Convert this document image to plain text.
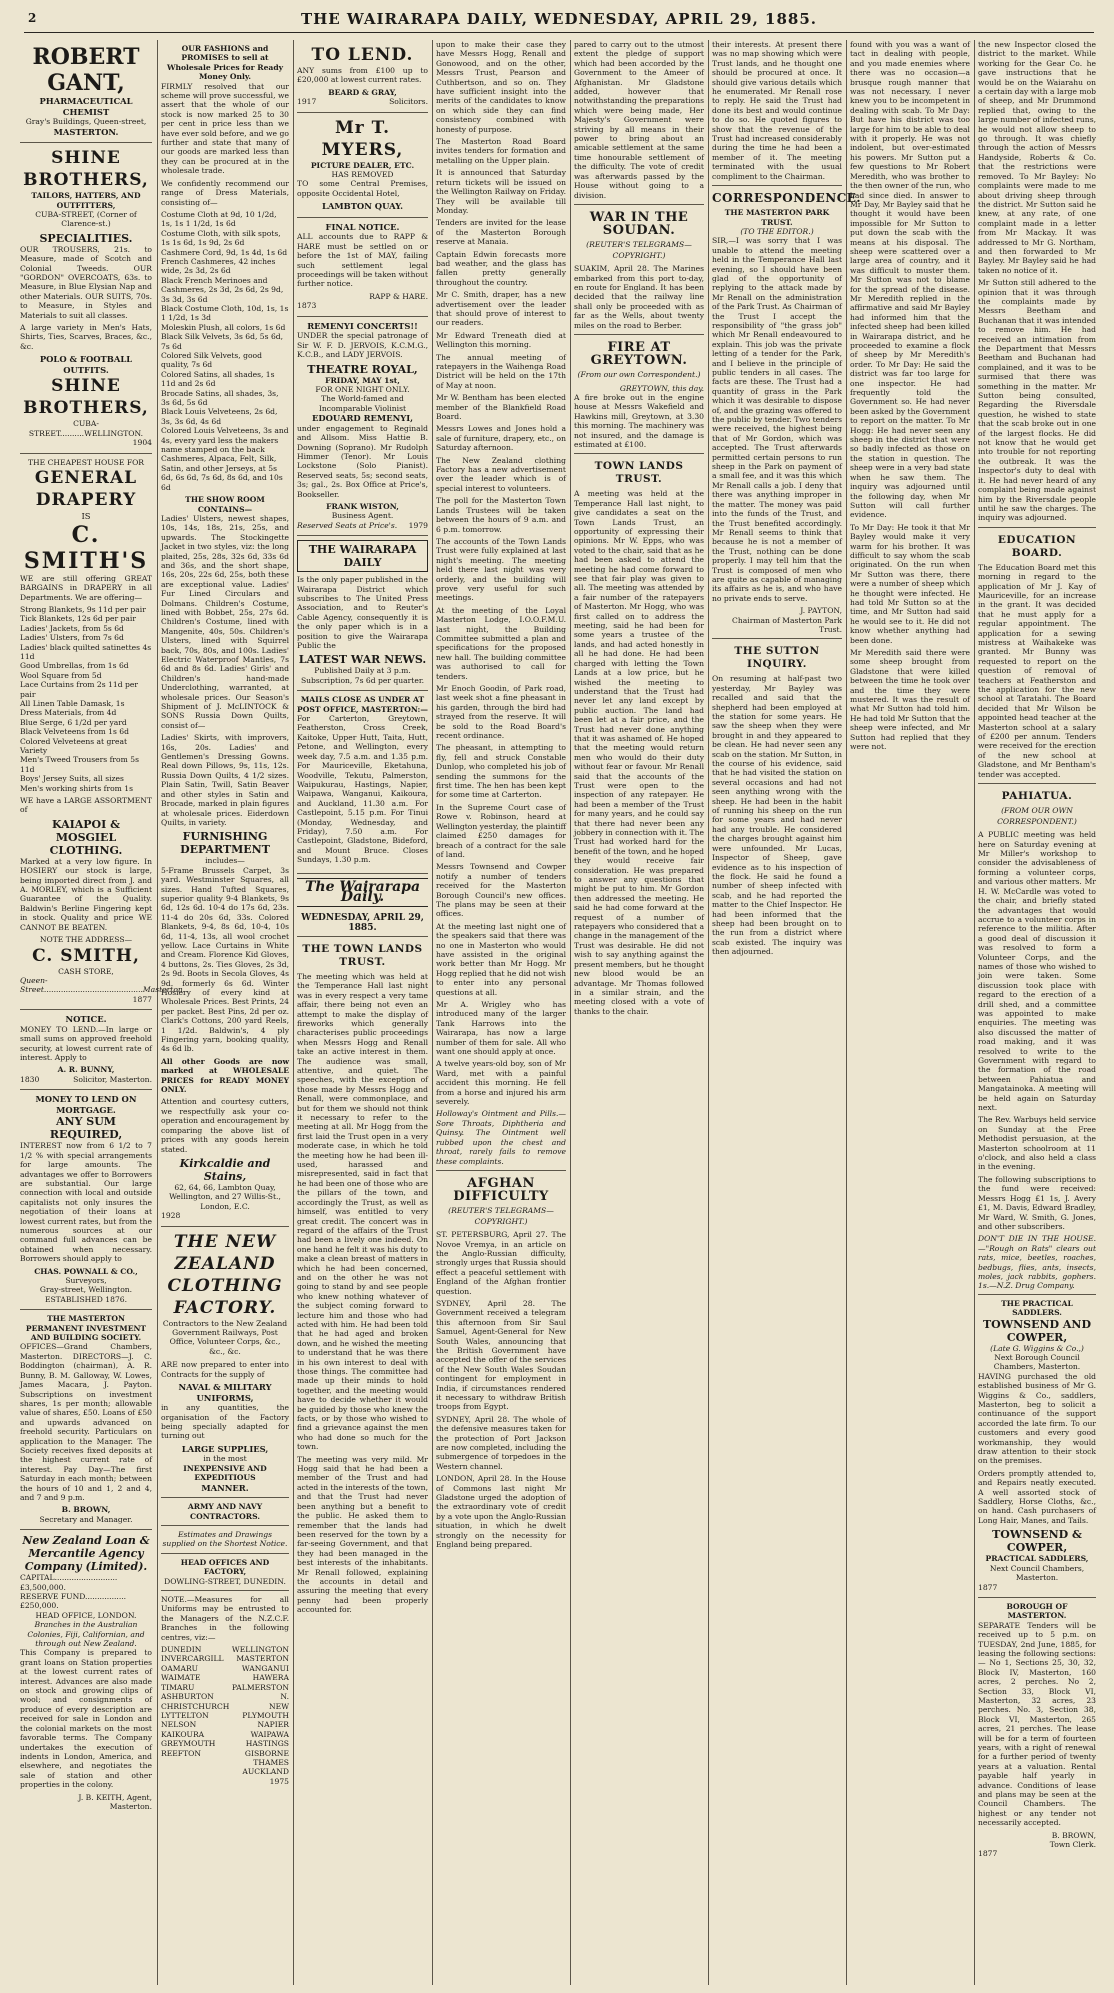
2	THE WAIRARAPA DAILY, WEDNESDAY, APRIL 29, 1885.
ROBERT GANT,
PHARMACEUTICAL CHEMIST
Gray's Buildings, Queen-street,
MASTERTON.
SHINE BROTHERS,
TAILORS, HATTERS, AND OUTFITTERS,
CUBA-STREET, (Corner of Clarence-st.)
SPECIALITIES.
OUR TROUSERS, 21s. to Measure, made of Scotch and Colonial Tweeds. OUR "GORDON" OVERCOATS, 63s. to Measure, in Blue Elysian Nap and other Materials. OUR SUITS, 70s. to Measure, in Styles and Materials to suit all classes.
A large variety in Men's Hats, Shirts, Ties, Scarves, Braces, &c., &c.
POLO & FOOTBALL OUTFITS.
SHINE BROTHERS,
CUBA-STREET..........WELLINGTON.
1904
THE CHEAPEST HOUSE FOR
GENERAL DRAPERY
IS
C. SMITH'S
WE are still offering GREAT BARGAINS in DRAPERY in all Departments. We are offering—
Strong Blankets, 9s 11d per pair
Tick Blankets, 12s 6d per pair
Ladies' Jackets, from 5s 6d
Ladies' Ulsters, from 7s 6d
Ladies' black quilted satinettes 4s 11d
Good Umbrellas, from 1s 6d
Wool Square from 5d
Lace Curtains from 2s 11d per pair
All Linen Table Damask, 1s
Dress Materials, from 4d
Blue Serge, 6 1/2d per yard
Black Velveteens from 1s 6d
Colored Velveteens at great Variety
Men's Tweed Trousers from 5s 11d
Boys' Jersey Suits, all sizes
Men's working shirts from 1s
WE have a LARGE ASSORTMENT of
KAIAPOI & MOSGIEL
CLOTHING.
Marked at a very low figure. In HOSIERY our stock is large, being imported direct from J. and A. MORLEY, which is a Sufficient Guarantee of the Quality. Baldwin's Berline Fingering kept in stock. Quality and price WE CANNOT BE BEATEN.
NOTE THE ADDRESS—
C. SMITH,
CASH STORE,
Queen-Street.........................................Masterton.
1877
NOTICE.
MONEY TO LEND.—In large or small sums on approved freehold security, at lowest current rate of interest. Apply to
A. R. BUNNY,
1830	Solicitor, Masterton.
MONEY TO LEND ON MORTGAGE.
ANY SUM REQUIRED,
INTEREST now from 6 1/2 to 7 1/2 % with special arrangements for large amounts. The advantages we offer to Borrowers are substantial. Our large connection with local and outside capitalists not only insures the negotiation of their loans at lowest current rates, but from the numerous sources at our command full advances can be obtained when necessary. Borrowers should apply to
CHAS. POWNALL & CO.,
Surveyors,
Gray-street, Wellington.
ESTABLISHED 1876.
THE MASTERTON PERMANENT INVESTMENT AND BUILDING SOCIETY.
OFFICES—Grand Chambers, Masterton. DIRECTORS—J. C. Boddington (chairman), A. R. Bunny, B. M. Galloway, W. Lowes, James Macara, J. Payton. Subscriptions on investment shares, 1s per month; allowable value of shares, £50. Loans of £50 and upwards advanced on freehold security. Particulars on application to the Manager. The Society receives fixed deposits at the highest current rate of interest. Pay Day—The first Saturday in each month; between the hours of 10 and 1, 2 and 4, and 7 and 9 p.m.
B. BROWN,
Secretary and Manager.
New Zealand Loan & Mercantile Agency Company (Limited).
CAPITAL..........................£3,500,000.
RESERVE FUND.................£250,000.
HEAD OFFICE, LONDON.
Branches in the Australian Colonies, Fiji, Californian, and through out New Zealand.
This Company is prepared to grant loans on Station properties at the lowest current rates of interest. Advances are also made on stock and growing clips of wool; and consignments of produce of every description are received for sale in London and the colonial markets on the most favorable terms. The Company undertakes the execution of indents in London, America, and elsewhere, and negotiates the sale of station and other properties in the colony.
J. B. KEITH, Agent,
Masterton.
OUR FASHIONS and PROMISES to sell at Wholesale Prices for Ready Money Only.
FIRMLY resolved that our scheme will prove successful, we assert that the whole of our stock is now marked 25 to 30 per cent in price less than we have ever sold before, and we go further and state that many of our goods are marked less than they can be procured at in the wholesale trade.
We confidently recommend our range of Dress Materials, consisting of—
Costume Cloth at 9d, 10 1/2d, 1s, 1s 1 1/2d, 1s 6d
Costume Cloth, with silk spots, 1s 1s 6d, 1s 9d, 2s 6d
Cashmere Cord, 9d, 1s 4d, 1s 6d
French Cashmeres, 42 inches wide, 2s 3d, 2s 6d
Black French Merinoes and Cashmeres, 2s 3d, 2s 6d, 2s 9d, 3s 3d, 3s 6d
Black Costume Cloth, 10d, 1s, 1s 1 1/2d, 1s 3d
Moleskin Plush, all colors, 1s 6d
Black Silk Velvets, 3s 6d, 5s 6d, 7s 6d
Colored Silk Velvets, good quality, 7s 6d
Colored Satins, all shades, 1s 11d and 2s 6d
Brocade Satins, all shades, 3s, 3s 6d, 5s 6d
Black Louis Velveteens, 2s 6d, 3s, 3s 6d, 4s 6d
Colored Louis Velveteens, 3s and 4s, every yard less the makers name stamped on the back
Cashmeres, Alpaca, Felt, Silk, Satin, and other Jerseys, at 5s 6d, 6s 6d, 7s 6d, 8s 6d, and 10s 6d
THE SHOW ROOM CONTAINS—
Ladies' Ulsters, newest shapes, 10s, 14s, 18s, 21s, 25s, and upwards. The Stockingette Jacket in two styles, viz: the long plaited, 25s, 28s, 32s 6d, 33s 6d and 36s, and the short shape, 16s, 20s, 22s 6d, 25s, both these are exceptional value. Ladies' Fur Lined Circulars and Dolmans. Children's Costume, lined with Bobbet, 25s, 27s 6d. Children's Costume, lined with Mangenite, 40s, 50s. Children's Ulsters, lined with Squirrel back, 70s, 80s, and 100s. Ladies' Electric Waterproof Mantles, 7s 6d and 8s 6d. Ladies' Girls' and Children's hand-made Underclothing, warranted, at wholesale prices. Our Season's Shipment of J. McLINTOCK & SONS Russia Down Quilts, consist of—
Ladies' Skirts, with improvers, 16s, 20s. Ladies' and Gentlemen's Dressing Gowns. Real down Pillows, 9s, 11s, 12s. Russia Down Quilts, 4 1/2 sizes. Plain Satin, Twill, Satin Beaver and other styles in Satin and Brocade, marked in plain figures at wholesale prices. Eiderdown Quilts, in variety.
FURNISHING DEPARTMENT
includes—
5-Frame Brussels Carpet, 3s yard. Westminster Squares, all sizes. Hand Tufted Squares, superior quality 9-4 Blankets, 9s 6d, 12s 6d. 10-4 do 17s 6d, 23s. 11-4 do 20s 6d, 33s. Colored Blankets, 9-4, 8s 6d, 10-4, 10s 6d, 11-4, 13s, all wool crochet yellow. Lace Curtains in White and Cream. Florence Kid Gloves, 4 buttons, 2s. Ties Gloves, 2s 3d, 2s 9d. Boots in Secola Gloves, 4s 9d. formerly 6s 6d. Winter Hosiery of every kind at Wholesale Prices. Best Prints, 24 per packet. Best Pins, 2d per oz. Clark's Cottons, 200 yard Reels, 1 1/2d. Baldwin's, 4 ply Fingering yarn, booking quality, 4s 6d lb.
All other Goods are now marked at WHOLESALE PRICES for READY MONEY ONLY.
Attention and courtesy cutters, we respectfully ask your co-operation and encouragement by comparing the above list of prices with any goods herein stated.
Kirkcaldie and Stains,
62, 64, 66, Lambton Quay, Wellington, and 27 Willis-St., London, E.C.
1928
THE NEW ZEALAND CLOTHING FACTORY.
Contractors to the New Zealand Government Railways, Post Office, Volunteer Corps, &c., &c., &c.
ARE now prepared to enter into Contracts for the supply of
NAVAL & MILITARY UNIFORMS,
in any quantities, the organisation of the Factory being specially adapted for turning out
LARGE SUPPLIES,
in the most
INEXPENSIVE AND EXPEDITIOUS
MANNER.
ARMY AND NAVY CONTRACTORS.
Estimates and Drawings supplied on the Shortest Notice.
HEAD OFFICES AND FACTORY,
DOWLING-STREET, DUNEDIN.
NOTE.—Measures for all Uniforms may be entrusted to the Managers of the N.Z.C.F. Branches in the following centres, viz:—
DUNEDIN
INVERCARGILL
OAMARU
WAIMATE
TIMARU
ASHBURTON
CHRISTCHURCH
LYTTELTON
NELSON
KAIKOURA
GREYMOUTH
REEFTON
WELLINGTON
MASTERTON
WANGANUI
HAWERA
PALMERSTON N.
NEW PLYMOUTH
NAPIER
WAIPAWA
HASTINGS
GISBORNE
THAMES
AUCKLAND
1975
TO LEND.
ANY sums from £100 up to £20,000 at lowest current rates.
BEARD & GRAY,
1917	Solicitors.
Mr T. MYERS,
PICTURE DEALER, ETC.
HAS REMOVED
TO some Central Premises, opposite Occidental Hotel,
LAMBTON QUAY.
FINAL NOTICE.
ALL accounts due to RAPP & HARE must be settled on or before the 1st of MAY, failing such settlement legal proceedings will be taken without further notice.
RAPP & HARE.
1873
REMENYI CONCERTS!!
UNDER the special patronage of Sir W. F. D. JERVOIS, K.C.M.G., K.C.B., and LADY JERVOIS.
THEATRE ROYAL,
FRIDAY, MAY 1st,
FOR ONE NIGHT ONLY.
The World-famed and Incomparable Violinist
EDOUARD REMENYI,
under engagement to Reginald and Allsom. Miss Hattie B. Downing (Soprano). Mr Rudolph Himmer (Tenor). Mr Louis Lockstone (Solo Pianist). Reserved seats, 5s; second seats, 3s; gal., 2s. Box Office at Price's, Bookseller.
FRANK WISTON,
Business Agent.
Reserved Seats at Price's. 1979
THE WAIRARAPA DAILY
Is the only paper published in the Wairarapa District which subscribes to The United Press Association, and to Reuter's Cable Agency, consequently it is the only paper which is in a position to give the Wairarapa Public the
LATEST WAR NEWS.
Published Daily at 3 p.m.
Subscription, 7s 6d per quarter.
MAILS CLOSE AS UNDER AT POST OFFICE, MASTERTON:—
For Carterton, Greytown, Featherston, Cross Creek, Kaitoke, Upper Hutt, Taita, Hutt, Petone, and Wellington, every week day, 7.5 a.m. and 1.35 p.m. For Mauriceville, Eketahuna, Woodville, Tekutu, Palmerston, Waipukurau, Hastings, Napier, Waipawa, Wanganui, Kaikoura, and Auckland, 11.30 a.m. For Castlepoint, 5.15 p.m. For Tinui (Monday, Wednesday, and Friday), 7.50 a.m. For Castlepoint, Gladstone, Bideford, and Mount Bruce. Closes Sundays, 1.30 p.m.
The Wairarapa Daily.
WEDNESDAY, APRIL 29, 1885.
THE TOWN LANDS TRUST.
The meeting which was held at the Temperance Hall last night was in every respect a very tame affair, there being not even an attempt to make the display of fireworks which generally characterises public proceedings when Messrs Hogg and Renall take an active interest in them. The audience was small, attentive, and quiet. The speeches, with the exception of those made by Messrs Hogg and Renall, were commonplace, and but for them we should not think it necessary to refer to the meeting at all. Mr Hogg from the first laid the Trust open in a very moderate case, in which he told the meeting how he had been ill-used, harassed and misrepresented, said in fact that he had been one of those who are the pillars of the town, and accordingly the Trust, as well as himself, was entitled to very great credit. The concert was in regard of the affairs of the Trust had been a lively one indeed. On one hand he felt it was his duty to make a clean breast of matters in which he had been concerned, and on the other he was not going to stand by and see people who knew nothing whatever of the subject coming forward to lecture him and those who had acted with him. He had been told that he had aged and broken down, and he wished the meeting to understand that he was there in his own interest to deal with those things. The committee had made up their minds to hold together, and the meeting would have to decide whether it would be guided by those who knew the facts, or by those who wished to find a grievance against the men who had done so much for the town.
The meeting was very mild. Mr Hogg said that he had been a member of the Trust and had acted in the interests of the town, and that the Trust had never been anything but a benefit to the public. He asked them to remember that the lands had been reserved for the town by a far-seeing Government, and that they had been managed in the best interests of the inhabitants. Mr Renall followed, explaining the accounts in detail and assuring the meeting that every penny had been properly accounted for.
upon to make their case they have Messrs Hogg, Renall and Gonowood, and on the other, Messrs Trust, Pearson and Cuthbertson, and so on. They have sufficient insight into the merits of the candidates to know on which side they can find consistency combined with honesty of purpose.
The Masterton Road Board invites tenders for formation and metalling on the Upper plain.
It is announced that Saturday return tickets will be issued on the Wellington Railway on Friday. They will be available till Monday.
Tenders are invited for the lease of the Masterton Borough reserve at Manaia.
Captain Edwin forecasts more bad weather, and the glass has fallen pretty generally throughout the country.
Mr C. Smith, draper, has a new advertisement over the leader that should prove of interest to our readers.
Mr Edward Treneath died at Wellington this morning.
The annual meeting of ratepayers in the Waihenga Road District will be held on the 17th of May at noon.
Mr W. Bentham has been elected member of the Blankfield Road Board.
Messrs Lowes and Jones hold a sale of furniture, drapery, etc., on Saturday afternoon.
The New Zealand clothing Factory has a new advertisement over the leader which is of special interest to volunteers.
The poll for the Masterton Town Lands Trustees will be taken between the hours of 9 a.m. and 6 p.m. tomorrow.
The accounts of the Town Lands Trust were fully explained at last night's meeting. The meeting held there last night was very orderly, and the building will prove very useful for such meetings.
At the meeting of the Loyal Masterton Lodge, I.O.O.F.M.U. last night, the Building Committee submitted a plan and specifications for the proposed new hall. The building committee was authorised to call for tenders.
Mr Enoch Goodin, of Park road, last week shot a fine pheasant in his garden, through the bird had strayed from the reserve. It will be sold to the Road Board's recent ordinance.
The pheasant, in attempting to fly, fell and struck Constable Dunlop, who completed his job of sending the summons for the first time. The hen has been kept for some time at Carterton.
In the Supreme Court case of Rowe v. Robinson, heard at Wellington yesterday, the plaintiff claimed £250 damages for breach of a contract for the sale of land.
Messrs Townsend and Cowper notify a number of tenders received for the Masterton Borough Council's new offices. The plans may be seen at their offices.
At the meeting last night one of the speakers said that there was no one in Masterton who would have assisted in the original work better than Mr Hogg. Mr Hogg replied that he did not wish to enter into any personal questions at all.
Mr A. Wrigley who has introduced many of the larger Tank Harrows into the Wairarapa, has now a large number of them for sale. All who want one should apply at once.
A twelve years-old boy, son of Mr Ward, met with a painful accident this morning. He fell from a horse and injured his arm severely.
Holloway's Ointment and Pills.—Sore Throats, Diphtheria and Quinsy. The Ointment well rubbed upon the chest and throat, rarely fails to remove these complaints.
AFGHAN DIFFICULTY
(REUTER'S TELEGRAMS—COPYRIGHT.)
ST. PETERSBURG, April 27. The Novoe Vremya, in an article on the Anglo-Russian difficulty, strongly urges that Russia should effect a peaceful settlement with England of the Afghan frontier question.
SYDNEY, April 28. The Government received a telegram this afternoon from Sir Saul Samuel, Agent-General for New South Wales, announcing that the British Government have accepted the offer of the services of the New South Wales Soudan contingent for employment in India, if circumstances rendered it necessary to withdraw British troops from Egypt.
SYDNEY, April 28. The whole of the defensive measures taken for the protection of Port Jackson are now completed, including the submergence of torpedoes in the Western channel.
LONDON, April 28. In the House of Commons last night Mr Gladstone urged the adoption of the extraordinary vote of credit by a vote upon the Anglo-Russian situation, in which he dwelt strongly on the necessity for England being prepared.
pared to carry out to the utmost extent the pledge of support which had been accorded by the Government to the Ameer of Afghanistan. Mr Gladstone added, however that notwithstanding the preparations which were being made, Her Majesty's Government were striving by all means in their power to bring about an amicable settlement at the same time honourable settlement of the difficulty. The vote of credit was afterwards passed by the House without going to a division.
WAR IN THE SOUDAN.
(REUTER'S TELEGRAMS—COPYRIGHT.)
SUAKIM, April 28. The Marines embarked from this port to-day, en route for England. It has been decided that the railway line shall only be proceeded with as far as the Wells, about twenty miles on the road to Berber.
FIRE AT GREYTOWN.
(From our own Correspondent.)
GREYTOWN, this day.
A fire broke out in the engine house at Messrs Wakefield and Hawkins mill, Greytown, at 3.30 this morning. The machinery was not insured, and the damage is estimated at £100.
TOWN LANDS TRUST.
A meeting was held at the Temperance Hall last night, to give candidates a seat on the Town Lands Trust, an opportunity of expressing their opinions. Mr W. Epps, who was voted to the chair, said that as he had been asked to attend the meeting he had come forward to see that fair play was given to all. The meeting was attended by a fair number of the ratepayers of Masterton. Mr Hogg, who was first called on to address the meeting, said he had been for some years a trustee of the lands, and had acted honestly in all he had done. He had been charged with letting the Town Lands at a low price, but he wished the meeting to understand that the Trust had never let any land except by public auction. The land had been let at a fair price, and the Trust had never done anything that it was ashamed of. He hoped that the meeting would return men who would do their duty without fear or favour. Mr Renall said that the accounts of the Trust were open to the inspection of any ratepayer. He had been a member of the Trust for many years, and he could say that there had never been any jobbery in connection with it. The Trust had worked hard for the benefit of the town, and he hoped they would receive fair consideration. He was prepared to answer any questions that might be put to him. Mr Gordon then addressed the meeting. He said he had come forward at the request of a number of ratepayers who considered that a change in the management of the Trust was desirable. He did not wish to say anything against the present members, but he thought new blood would be an advantage. Mr Thomas followed in a similar strain, and the meeting closed with a vote of thanks to the chair.
their interests. At present there was no map showing which were Trust lands, and he thought one should be procured at once. It should give various details which he enumerated. Mr Renall rose to reply. He said the Trust had done its best and would continue to do so. He quoted figures to show that the revenue of the Trust had increased considerably during the time he had been a member of it. The meeting terminated with the usual compliment to the Chairman.
CORRESPONDENCE.
THE MASTERTON PARK TRUST.
(TO THE EDITOR.)
SIR,—I was sorry that I was unable to attend the meeting held in the Temperance Hall last evening, so I should have been glad of the opportunity of replying to the attack made by Mr Renall on the administration of the Park Trust. As Chairman of the Trust I accept the responsibility of "the grass job" which Mr Renall endeavoured to explain. This job was the private letting of a tender for the Park, and I believe in the principle of public tenders in all cases. The facts are these. The Trust had a quantity of grass in the Park which it was desirable to dispose of, and the grazing was offered to the public by tender. Two tenders were received, the highest being that of Mr Gordon, which was accepted. The Trust afterwards permitted certain persons to run sheep in the Park on payment of a small fee, and it was this which Mr Renall calls a job. I deny that there was anything improper in the matter. The money was paid into the funds of the Trust, and the Trust benefited accordingly. Mr Renall seems to think that because he is not a member of the Trust, nothing can be done properly. I may tell him that the Trust is composed of men who are quite as capable of managing its affairs as he is, and who have no private ends to serve.
J. PAYTON,
Chairman of Masterton Park Trust.
THE SUTTON INQUIRY.
On resuming at half-past two yesterday, Mr Bayley was recalled and said that the shepherd had been employed at the station for some years. He saw the sheep when they were brought in and they appeared to be clean. He had never seen any scab on the station. Mr Sutton, in the course of his evidence, said that he had visited the station on several occasions and had not seen anything wrong with the sheep. He had been in the habit of running his sheep on the run for some years and had never had any trouble. He considered the charges brought against him were unfounded. Mr Lucas, Inspector of Sheep, gave evidence as to his inspection of the flock. He said he found a number of sheep infected with scab, and he had reported the matter to the Chief Inspector. He had been informed that the sheep had been brought on to the run from a district where scab existed. The inquiry was then adjourned.
found with you was a want of tact in dealing with people, and you made enemies where there was no occasion—a brusque rough manner that was not necessary. I never knew you to be incompetent in dealing with scab. To Mr Day: But have his district was too large for him to be able to deal with it properly. He was not indolent, but over-estimated his powers. Mr Sutton put a few questions to Mr Robert Meredith, who was brother to the then owner of the run, who had since died. In answer to Mr Day, Mr Bayley said that he thought it would have been impossible for Mr Sutton to put down the scab with the means at his disposal. The sheep were scattered over a large area of country, and it was difficult to muster them. Mr Sutton was not to blame for the spread of the disease. Mr Meredith replied in the affirmative and said Mr Bayley had informed him that the infected sheep had been killed in Wairarapa district, and he proceeded to examine a flock of sheep by Mr Meredith's order. To Mr Day: He said the district was far too large for one inspector. He had frequently told the Government so. He had never been asked by the Government to report on the matter. To Mr Hogg: He had never seen any sheep in the district that were so badly infected as those on the station in question. The sheep were in a very bad state when he saw them. The inquiry was adjourned until the following day, when Mr Sutton will call further evidence.
To Mr Day: He took it that Mr Bayley would make it very warm for his brother. It was difficult to say whom the scab originated. On the run when Mr Sutton was there, there were a number of sheep which he thought were infected. He had told Mr Sutton so at the time, and Mr Sutton had said he would see to it. He did not know whether anything had been done.
Mr Meredith said there were some sheep brought from Gladstone that were killed between the time he took over and the time they were mustered. It was the result of what Mr Sutton had told him. He had told Mr Sutton that the sheep were infected, and Mr Sutton had replied that they were not.
the new Inspector closed the district to the market. While working for the Gear Co. he gave instructions that he would be on the Waiarahu on a certain day with a large mob of sheep, and Mr Drummond replied that, owing to the large number of infected runs, he would not allow sheep to go through. It was chiefly through the action of Messrs Handyside, Roberts & Co. that the restrictions were removed. To Mr Bayley: No complaints were made to me about driving sheep through the district. Mr Sutton said he knew, at any rate, of one complaint made in a letter from Mr Mackay. It was addressed to Mr G. Northam, and then forwarded to Mr Bayley. Mr Bayley said he had taken no notice of it.
Mr Sutton still adhered to the opinion that it was through the complaints made by Messrs Beetham and Buchanan that it was intended to remove him. He had received an intimation from the Department that Messrs Beetham and Buchanan had complained, and it was to be surmised that there was something in the matter. Mr Sutton being consulted, Regarding the Riversdale question, he wished to state that the scab broke out in one of the largest flocks. He did not know that he would get into trouble for not reporting the outbreak. It was the Inspector's duty to deal with it. He had never heard of any complaint being made against him by the Riversdale people until he saw the charges. The inquiry was adjourned.
EDUCATION BOARD.
The Education Board met this morning in regard to the application of Mr J. Kay of Mauriceville, for an increase in the grant. It was decided that he must apply for a regular appointment. The application for a sewing mistress at Waihakeke was granted. Mr Bunny was requested to report on the question of removal of teachers at Featherston and the application for the new school at Taratahi. The Board decided that Mr Wilson be appointed head teacher at the Masterton school at a salary of £200 per annum. Tenders were received for the erection of the new school at Gladstone, and Mr Bentham's tender was accepted.
PAHIATUA.
(FROM OUR OWN CORRESPONDENT.)
A PUBLIC meeting was held here on Saturday evening at Mr Miller's workshop to consider the advisableness of forming a volunteer corps, and various other matters. Mr H. W. McCardle was voted to the chair, and briefly stated the advantages that would accrue to a volunteer corps in reference to the militia. After a good deal of discussion it was resolved to form a Volunteer Corps, and the names of those who wished to join were taken. Some discussion took place with regard to the erection of a drill shed, and a committee was appointed to make enquiries. The meeting was also discussed the matter of road making, and it was resolved to write to the Government with regard to the formation of the road between Pahiatua and Mangatainoka. A meeting will be held again on Saturday next.
The Rev. Warbuys held service on Sunday at the Free Methodist persuasion, at the Masterton schoolroom at 11 o'clock, and also held a class in the evening.
The following subscriptions to the fund were received: Messrs Hogg £1 1s, J. Avery £1, M. Davis, Edward Bradley, Mr Ward, W. Smith, G. Jones, and other subscribers.
DON'T DIE IN THE HOUSE.—"Rough on Rats" clears out rats, mice, beetles, roaches, bedbugs, flies, ants, insects, moles, jack rabbits, gophers. 1s.—N.Z. Drug Company.
THE PRACTICAL SADDLERS.
TOWNSEND AND COWPER,
(Late G. Wiggins & Co.,)
Next Borough Council Chambers, Masterton.
HAVING purchased the old established business of Mr G. Wiggins & Co., saddlers, Masterton, beg to solicit a continuance of the support accorded the late firm. To our customers and every good workmanship, they would draw attention to their stock on the premises.
Orders promptly attended to, and Repairs neatly executed. A well assorted stock of Saddlery, Horse Cloths, &c., on hand. Cash purchasers of Long Hair, Manes, and Tails.
TOWNSEND & COWPER,
PRACTICAL SADDLERS,
Next Council Chambers, Masterton.
1877
BOROUGH OF MASTERTON.
SEPARATE Tenders will be received up to 5 p.m. on TUESDAY, 2nd June, 1885, for leasing the following sections:— No 1, Sections 25, 30, 32, Block IV, Masterton, 160 acres, 2 perches. No 2, Section 33, Block VI, Masterton, 32 acres, 23 perches. No. 3, Section 38, Block VI, Masterton, 265 acres, 21 perches. The lease will be for a term of fourteen years, with a right of renewal for a further period of twenty years at a valuation. Rental payable half yearly in advance. Conditions of lease and plans may be seen at the Council Chambers. The highest or any tender not necessarily accepted.
B. BROWN,
Town Clerk.
1877
